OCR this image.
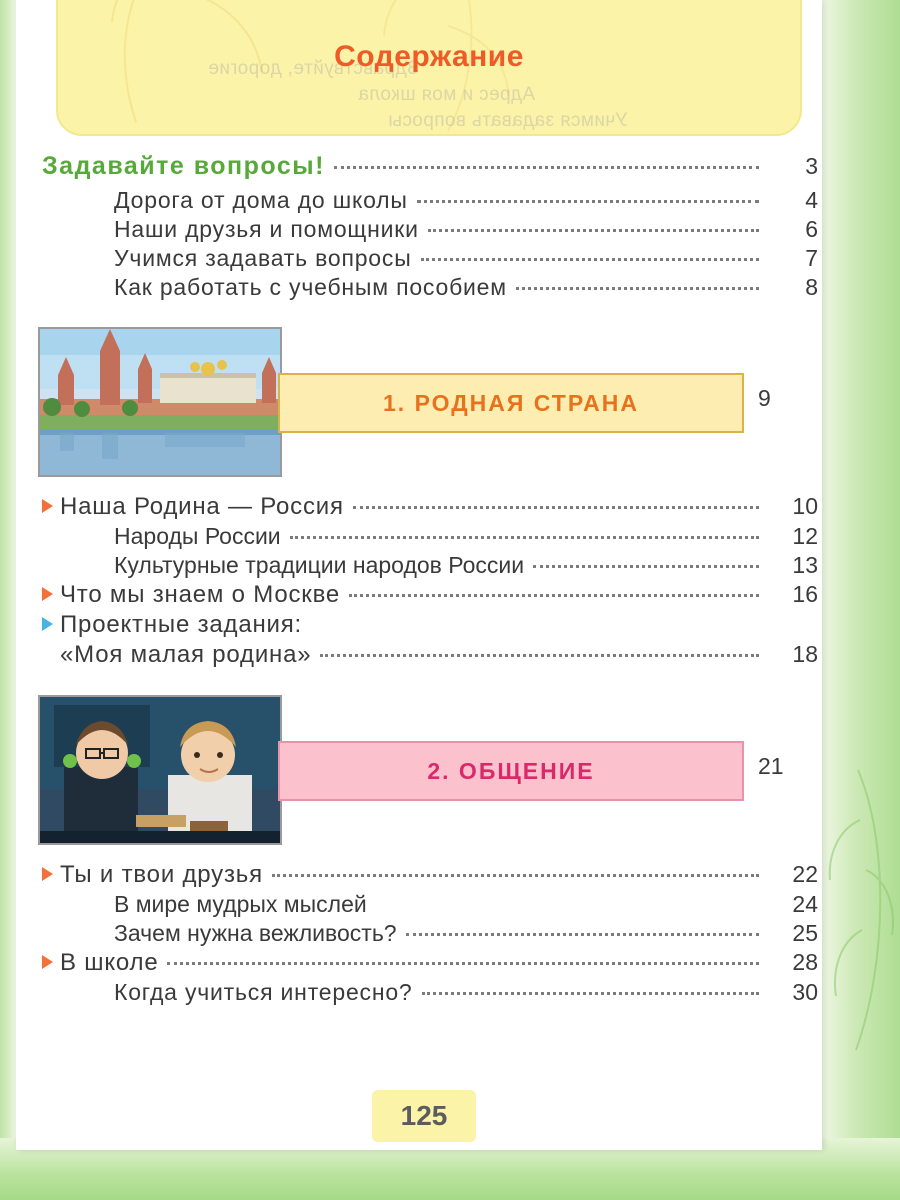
Здравствуйте, дорогие
Адрес и моя школа
Учимся задавать вопросы
Содержание
Задавайте вопросы!	3
Дорога от дома до школы	4
Наши друзья и помощники	6
Учимся задавать вопросы	7
Как работать с учебным пособием	8
1. РОДНАЯ СТРАНА	9
Наша Родина — Россия	10
Народы России	12
Культурные традиции народов России	13
Что мы знаем о Москве	16
Проектные задания:
«Моя малая родина»	18
2. ОБЩЕНИЕ	21
Ты и твои друзья	22
В мире мудрых мыслей	24
Зачем нужна вежливость?	25
В школе	28
Когда учиться интересно?	30
125
